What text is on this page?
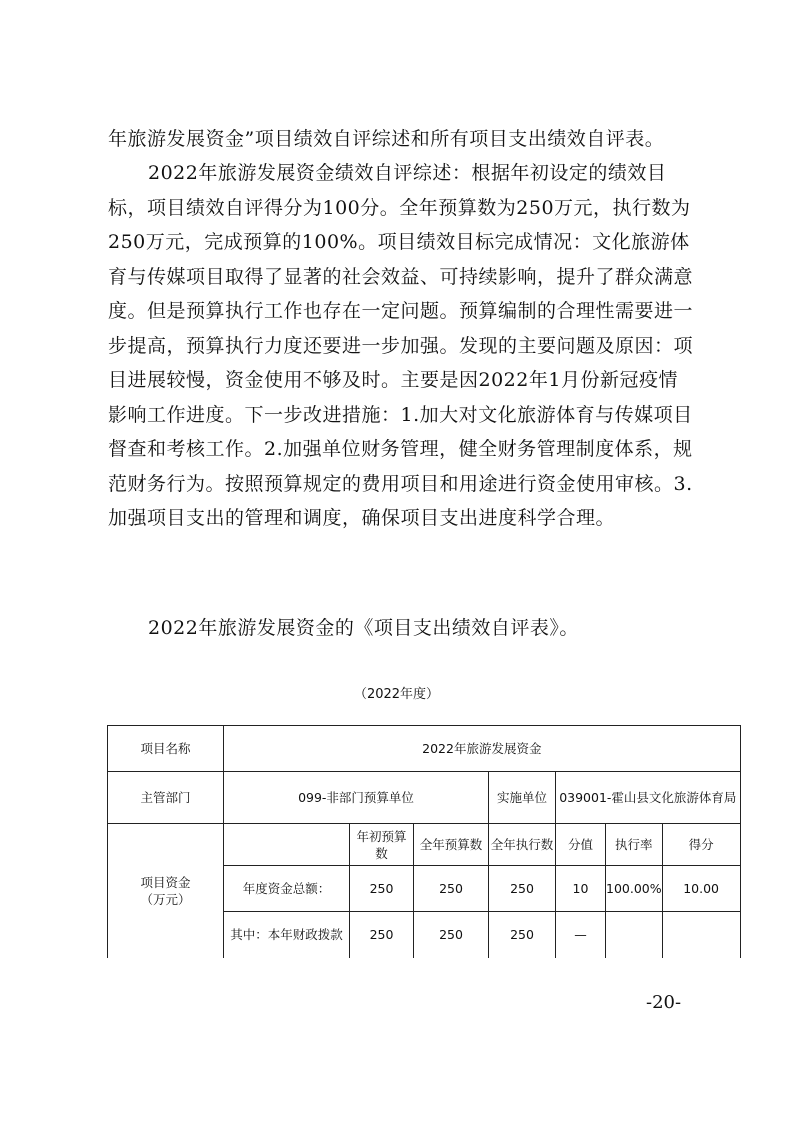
年旅游发展资金”项目绩效自评综述和所有项目支出绩效自评表。
2022年旅游发展资金绩效自评综述：根据年初设定的绩效目标，项目绩效自评得分为100分。全年预算数为250万元，执行数为250万元，完成预算的100%。项目绩效目标完成情况：文化旅游体育与传媒项目取得了显著的社会效益、可持续影响，提升了群众满意度。但是预算执行工作也存在一定问题。预算编制的合理性需要进一步提高，预算执行力度还要进一步加强。发现的主要问题及原因：项目进展较慢，资金使用不够及时。主要是因2022年1月份新冠疫情影响工作进度。下一步改进措施：1.加大对文化旅游体育与传媒项目督查和考核工作。2.加强单位财务管理，健全财务管理制度体系，规范财务行为。按照预算规定的费用项目和用途进行资金使用审核。3.加强项目支出的管理和调度，确保项目支出进度科学合理。
2022年旅游发展资金的《项目支出绩效自评表》。
（2022年度）
项目名称	2022年旅游发展资金						
主管部门	099-非部门预算单位			实施单位	039001-霍山县文化旅游体育局		
项目资金
（万元）		年初预算数	全年预算数	全年执行数	分值	执行率	得分
	年度资金总额：	250	250	250	10	100.00%	10.00
	其中：本年财政拨款	250	250	250	—		
-20-
